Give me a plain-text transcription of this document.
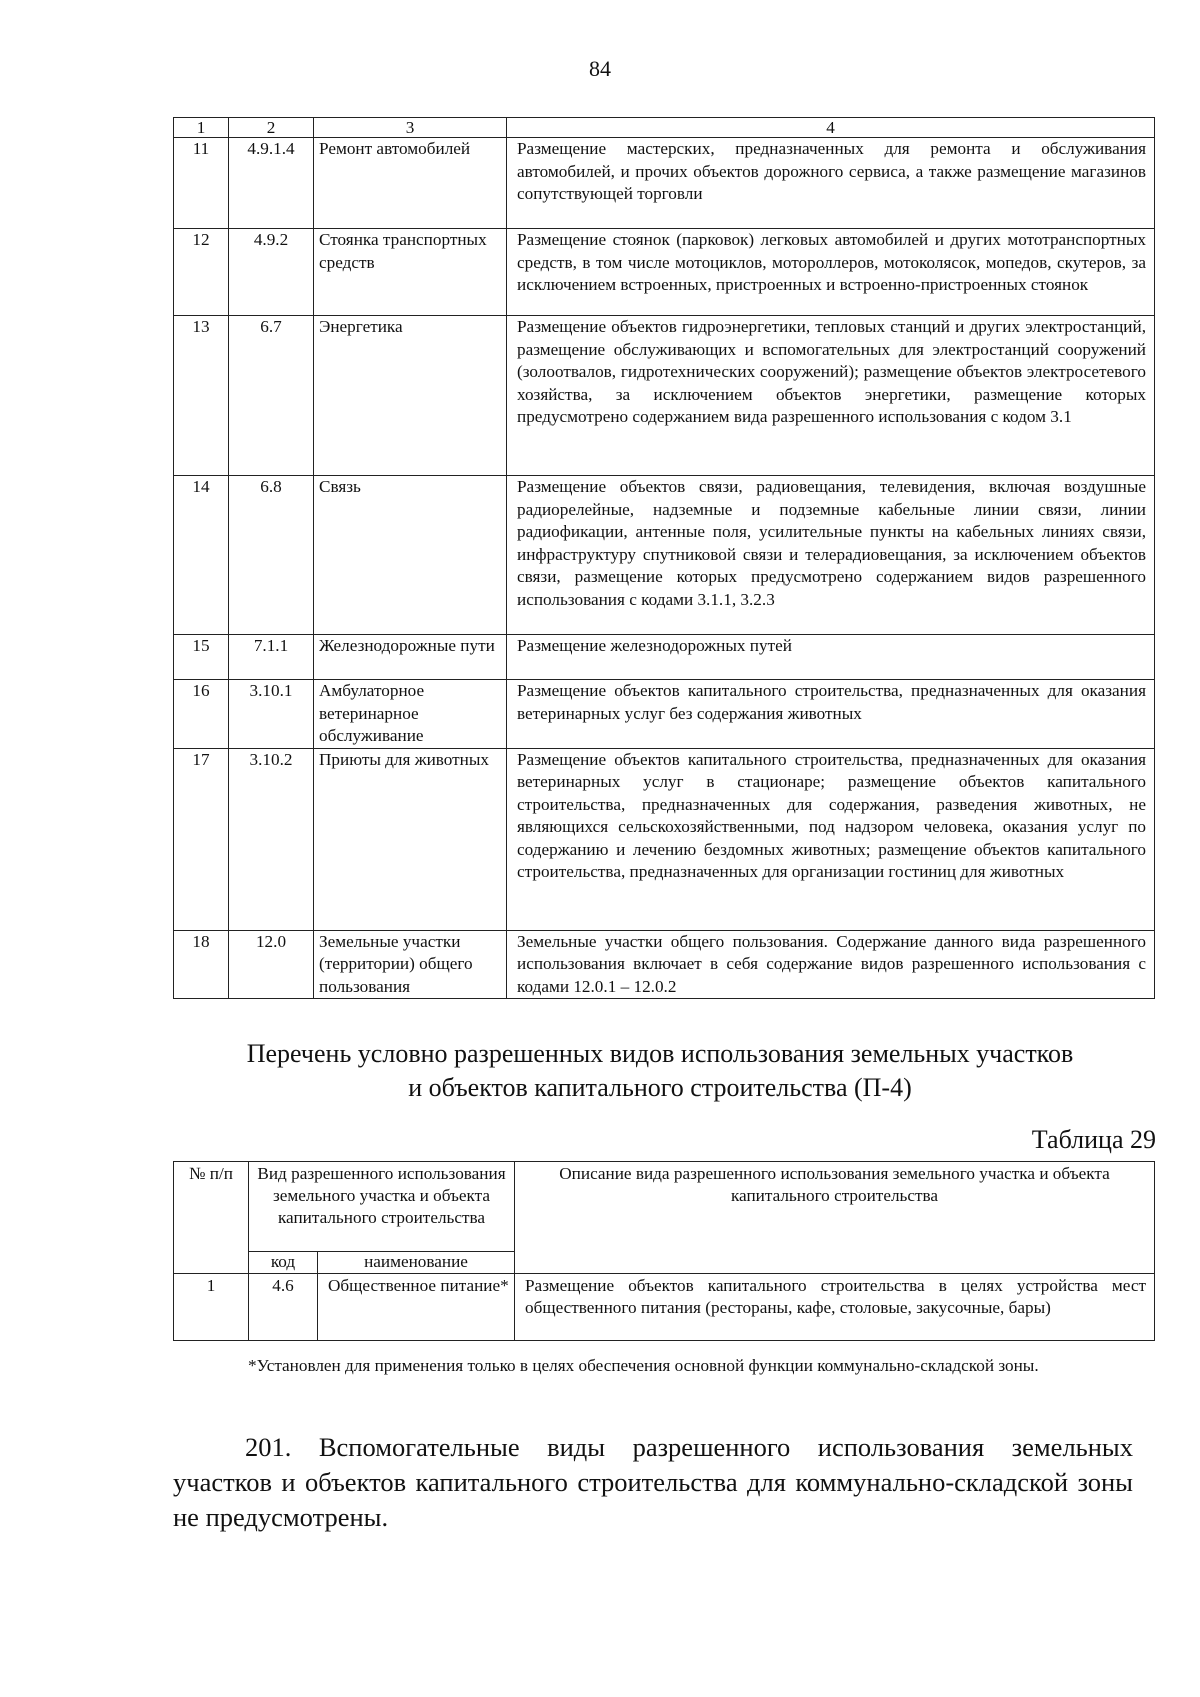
84
1	2	3	4
11	4.9.1.4	Ремонт автомобилей	Размещение мастерских, предназначенных для ремонта и обслуживания автомобилей, и прочих объектов дорожного сервиса, а также размещение магазинов сопутствующей торговли
12	4.9.2	Стоянка транспортных средств	Размещение стоянок (парковок) легковых автомобилей и других мототранспортных средств, в том числе мотоциклов, мотороллеров, мотоколясок, мопедов, скутеров, за исключением встроенных, пристроенных и встроенно-пристроенных стоянок
13	6.7	Энергетика	Размещение объектов гидроэнергетики, тепловых станций и других электростанций, размещение обслуживающих и вспомогательных для электростанций сооружений (золоотвалов, гидротехнических сооружений); размещение объектов электросетевого хозяйства, за исключением объектов энергетики, размещение которых предусмотрено содержанием вида разрешенного использования с кодом 3.1
14	6.8	Связь	Размещение объектов связи, радиовещания, телевидения, включая воздушные радиорелейные, надземные и подземные кабельные линии связи, линии радиофикации, антенные поля, усилительные пункты на кабельных линиях связи, инфраструктуру спутниковой связи и телерадиовещания, за исключением объектов связи, размещение которых предусмотрено содержанием видов разрешенного использования с кодами 3.1.1, 3.2.3
15	7.1.1	Железнодорожные пути	Размещение железнодорожных путей
16	3.10.1	Амбулаторное ветеринарное обслуживание	Размещение объектов капитального строительства, предназначенных для оказания ветеринарных услуг без содержания животных
17	3.10.2	Приюты для животных	Размещение объектов капитального строительства, предназначенных для оказания ветеринарных услуг в стационаре; размещение объектов капитального строительства, предназначенных для содержания, разведения животных, не являющихся сельскохозяйственными, под надзором человека, оказания услуг по содержанию и лечению бездомных животных; размещение объектов капитального строительства, предназначенных для организации гостиниц для животных
18	12.0	Земельные участки (территории) общего пользования	Земельные участки общего пользования. Содержание данного вида разрешенного использования включает в себя содержание видов разрешенного использования с кодами 12.0.1 – 12.0.2
Перечень условно разрешенных видов использования земельных участков
и объектов капитального строительства (П-4)
Таблица 29
№ п/п	Вид разрешенного использования земельного участка и объекта капитального строительства		Описание вида разрешенного использования земельного участка и объекта капитального строительства
	код	наименование	
1	4.6	Общественное питание*	Размещение объектов капитального строительства в целях устройства мест общественного питания (рестораны, кафе, столовые, закусочные, бары)
*Установлен для применения только в целях обеспечения основной функции коммунально-складской зоны.
201. Вспомогательные виды разрешенного использования земельных участков и объектов капитального строительства для коммунально-складской зоны не предусмотрены.
